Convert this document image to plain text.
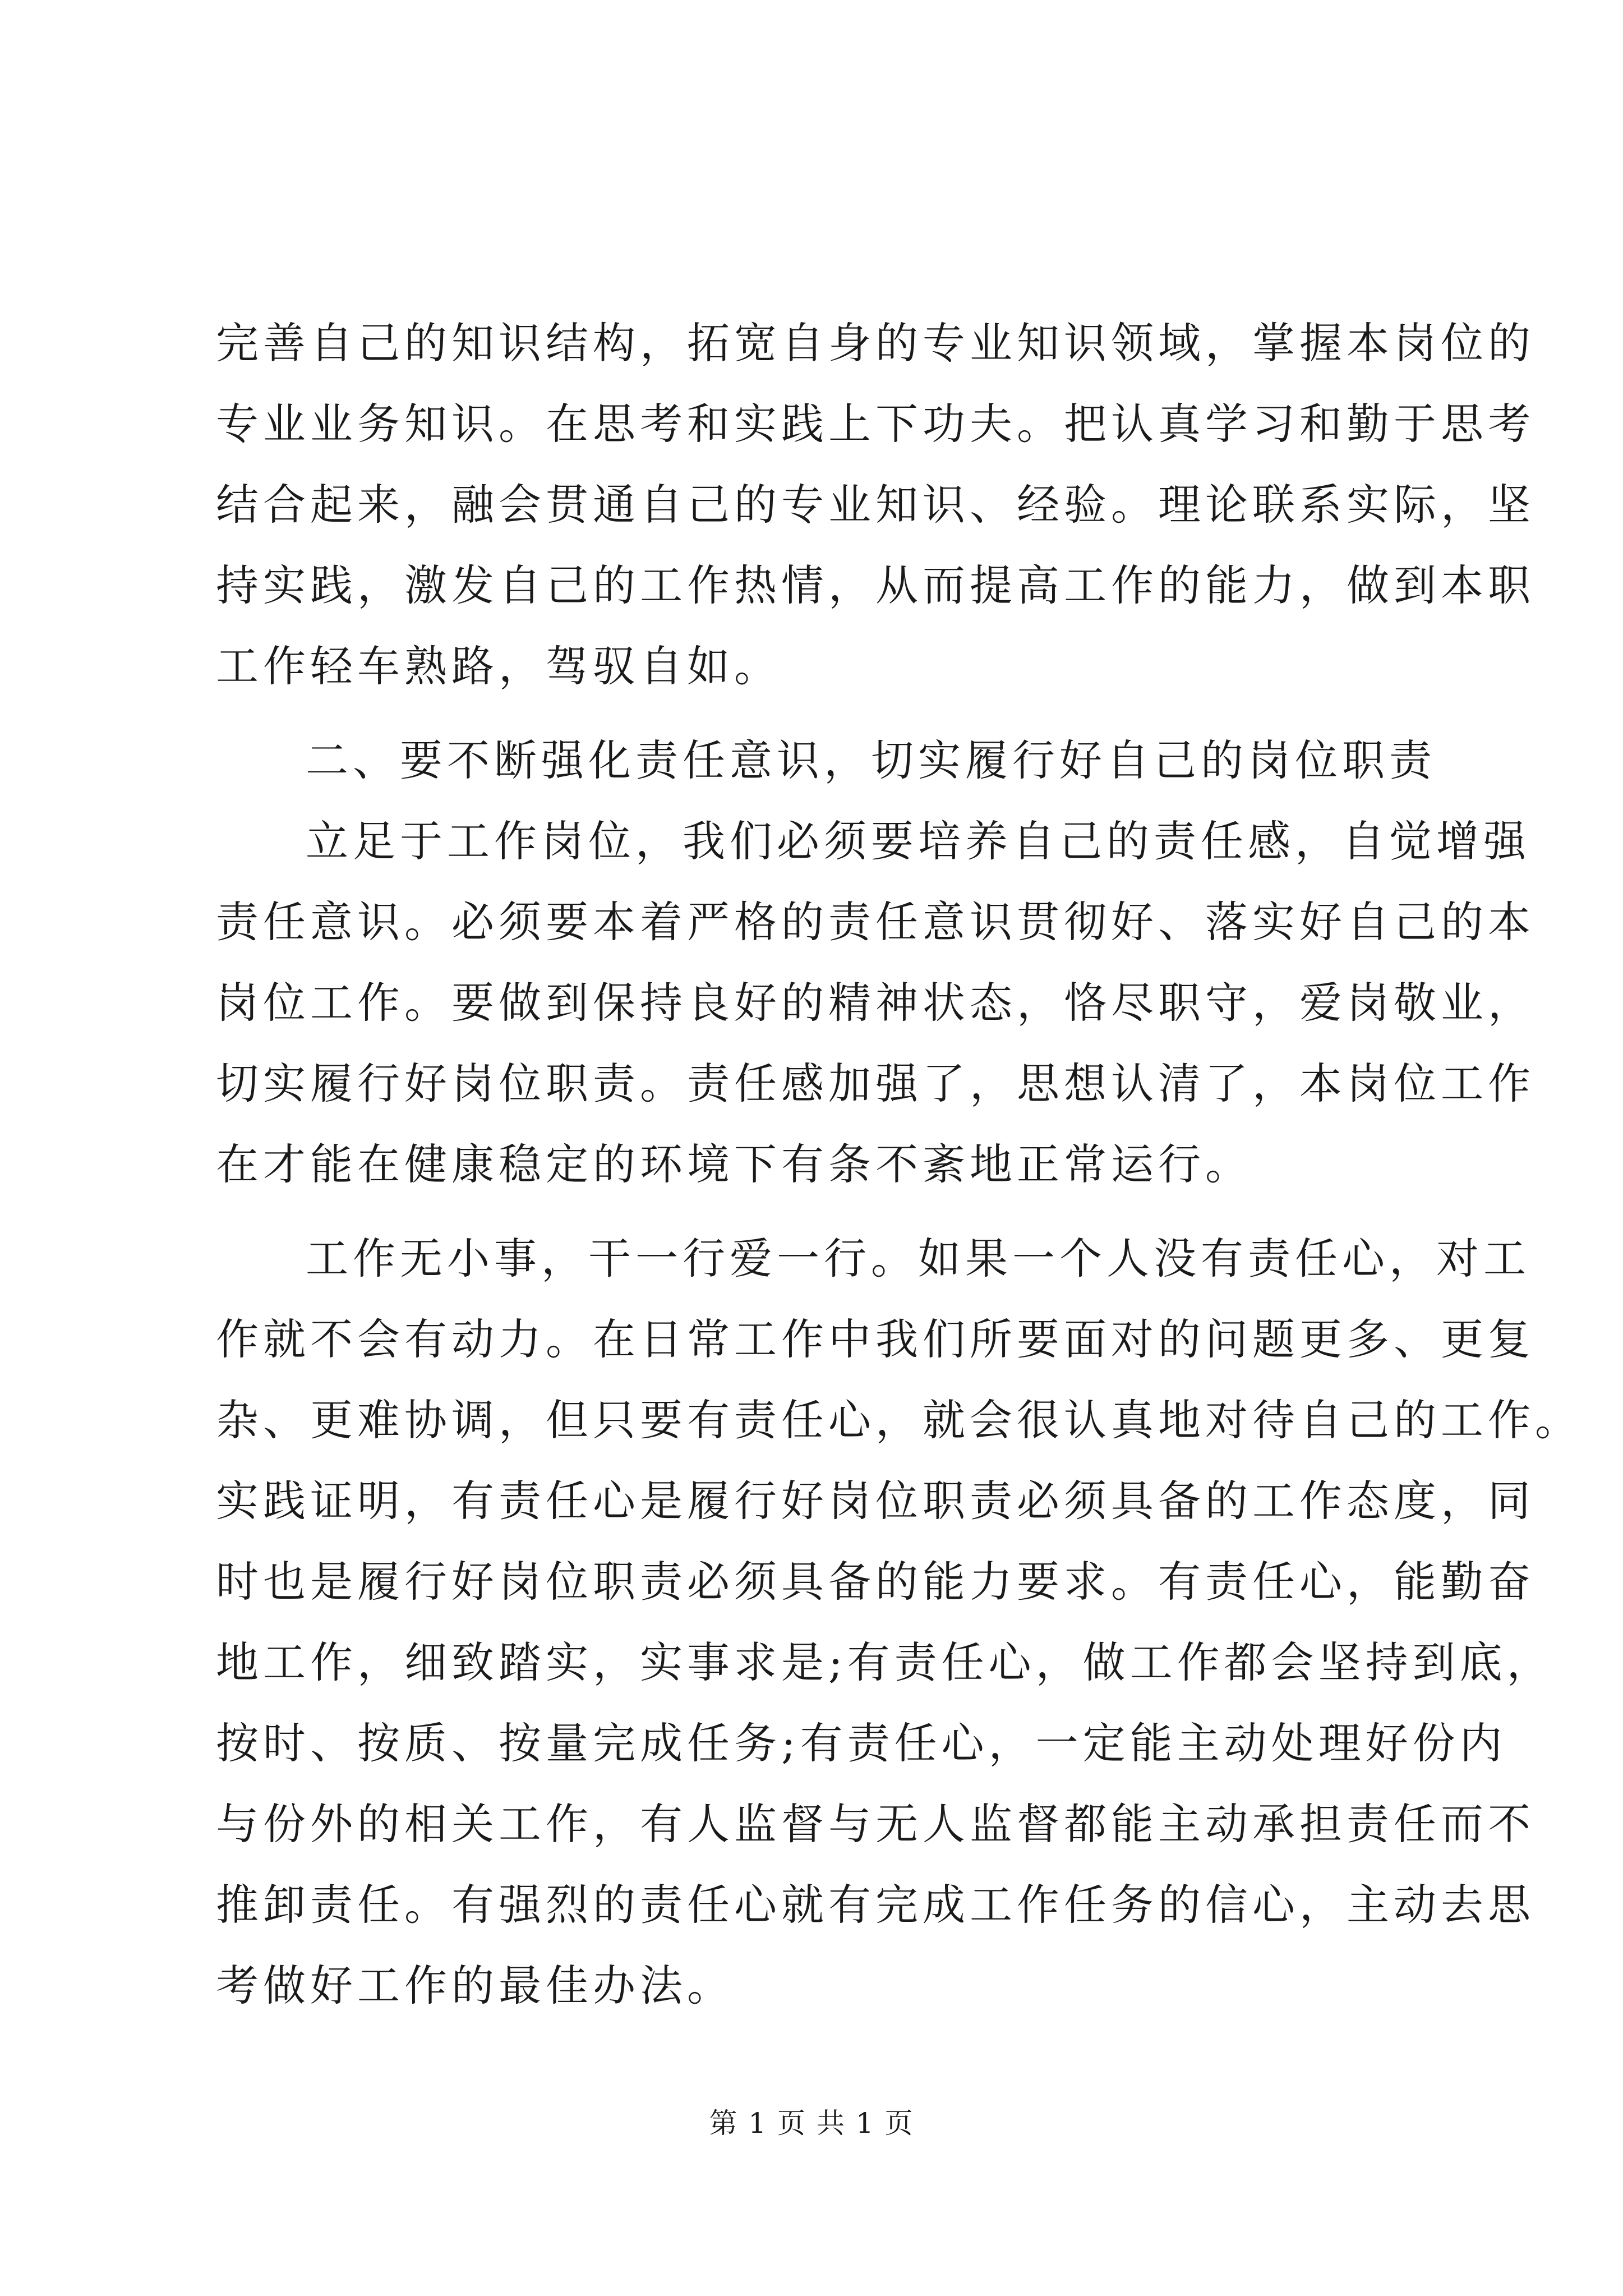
完善自己的知识结构，拓宽自身的专业知识领域，掌握本岗位的
专业业务知识。在思考和实践上下功夫。把认真学习和勤于思考
结合起来，融会贯通自己的专业知识、经验。理论联系实际，坚
持实践，激发自己的工作热情，从而提高工作的能力，做到本职
工作轻车熟路，驾驭自如。
二、要不断强化责任意识，切实履行好自己的岗位职责
立足于工作岗位，我们必须要培养自己的责任感，自觉增强
责任意识。必须要本着严格的责任意识贯彻好、落实好自己的本
岗位工作。要做到保持良好的精神状态，恪尽职守，爱岗敬业，
切实履行好岗位职责。责任感加强了，思想认清了，本岗位工作
在才能在健康稳定的环境下有条不紊地正常运行。
工作无小事，干一行爱一行。如果一个人没有责任心，对工
作就不会有动力。在日常工作中我们所要面对的问题更多、更复
杂、更难协调，但只要有责任心，就会很认真地对待自己的工作。
实践证明，有责任心是履行好岗位职责必须具备的工作态度，同
时也是履行好岗位职责必须具备的能力要求。有责任心，能勤奋
地工作，细致踏实，实事求是;有责任心，做工作都会坚持到底，
按时、按质、按量完成任务;有责任心，一定能主动处理好份内
与份外的相关工作，有人监督与无人监督都能主动承担责任而不
推卸责任。有强烈的责任心就有完成工作任务的信心，主动去思
考做好工作的最佳办法。
第 1 页 共 1 页
